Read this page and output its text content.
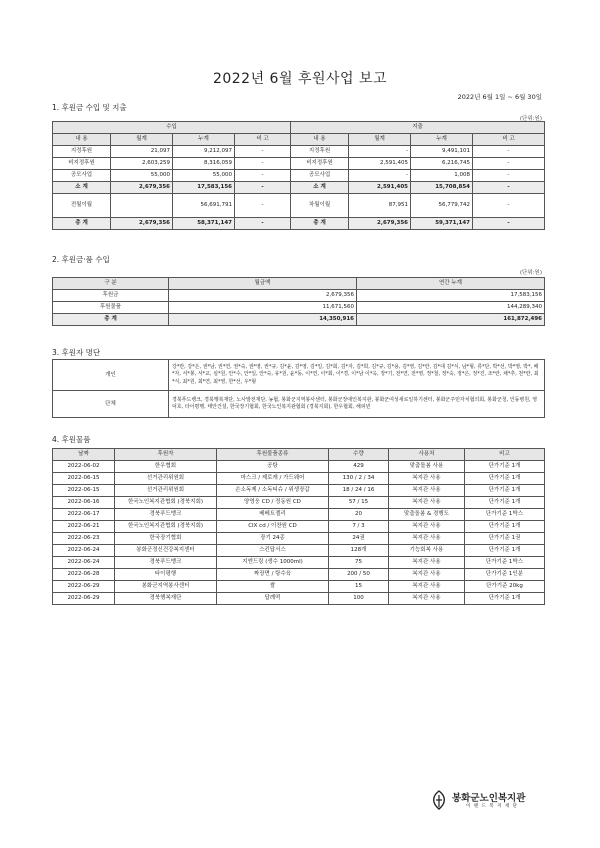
2022년 6월 후원사업 보고
2022년 6월 1일 ~ 6월 30일
1. 후원금 수입 및 지출
(단위:원)
수입				지출			
내 용	월계	누계	비 고	내 용	월계	누계	비 고
지정후원	21,097	9,212,097	-	지정후원	-	9,491,101	-
비지정후원	2,603,259	8,316,059	-	비지정후원	2,591,405	6,216,745	-
공모사업	55,000	55,000	-	공모사업	-	1,008	-
소 계	2,679,356	17,583,156	-	소 계	2,591,405	15,708,854	-
전월이월		56,691,791	-	차월이월	87,951	56,779,742	-
총 계	2,679,356	58,371,147	-	총 계	2,679,356	59,371,147	-
2. 후원금·품 수입
(단위:원)
구 분	월금액	연간 누계
후원금	2,679,356	17,583,156
후원물품	11,671,560	144,289,340
총 계	14,350,916	161,872,496
3. 후원자 명단
개인	강*란, 강*은, 권*남, 권*연, 권*숙, 권*영, 권*규, 김*윤, 김*영, 김*일, 김*회, 김*자, 김*희, 김*규, 김*용, 김*영, 김*란, 김*대 김*식, 남*형, 류*단, 박*선, 박*영, 박*, 배*자, 서*봉, 서*교, 심*원, 안*수, 안*일, 안*숙, 유*원, 윤*동, 이*연, 이*회, 이*경, 이*남 이*옥, 장*기, 전*연, 전*영, 정*철, 정*숙, 정*은, 정*진, 조*란, 채*추, 천*란, 최*식, 최*원, 최*연, 최*영, 한*선, 우*형
단체	경북푸드뱅크, 경북행복재단, 노사발전재단, 농협, 봉화군지역봉사센터, 봉화군장애인복지관, 봉화군여성새로일하기센터, 봉화군주민자치협의회, 봉화군청, 인동병원, 영덕호, 타이평행, 태안건설, 한국장기협회, 한국노인복지관협회 (경북지회), 한우협회, 해피빈
4. 후원물품
날짜	후원자	후원물품종류	수량	사용처	비고
2022-06-02	한우협회	공탕	429	맞춤돌봄 사용	단가기준 1개
2022-06-15	선거관리위원회	마스크 / 제로캐 / 가드웨어	130 / 2 / 34	복지관 사용	단가기준 1개
2022-06-15	선거관리위원회	손소독제 / 소독티슈 / 위생장갑	18 / 24 / 16	복지관 사용	단가기준 1개
2022-06-16	한국노인복지관협회 (경북지회)	양영웅 CD / 정동원 CD	57 / 15	복지관 사용	단가기준 1개
2022-06-17	경북푸드뱅크	베베트젤리	20	맞춤돌봄 & 경행도	단가기준 1박스
2022-06-21	한국노인복지관협회 (경북지회)	CIX cd / 이찬원 CD	7 / 3	복지관 사용	단가기준 1개
2022-06-23	한국장기협회	장기 24종	24권	복지관 사용	단가기준 1권
2022-06-24	봉화군정신건강복지센터	스킨답서스	128개	기능회복 사용	단가기준 1개
2022-06-24	경북푸드뱅크	지엔드링 (생수 1000ml)	75	복지관 사용	단가기준 1박스
2022-06-28	타이평행	짜장면 / 탕수육	200 / 50	복지관 사용	단가기준 1인분
2022-06-29	봉화군지역봉사센터	쌀	15	복지관 사용	단가기준 20kg
2022-06-29	경북행복재단	답례떡	100	복지관 사용	단가기준 1개
봉화군노인복지관
이 랜 드 복 지 재 단
